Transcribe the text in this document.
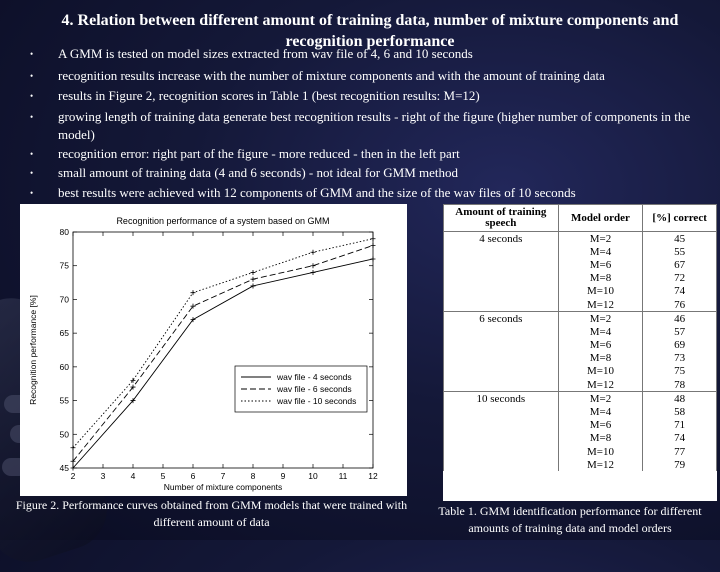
4. Relation between different amount of training data, number of mixture components and recognition performance
• A GMM is tested on model sizes extracted from wav file of 4, 6 and 10 seconds
• recognition results increase with the number of mixture components and with the amount of training data
• results in Figure 2, recognition scores in Table 1 (best recognition results: M=12)
• growing length of training data generate best recognition results - right of the figure (higher number of components in the model)
• recognition error: right part of the figure - more reduced - then in the left part
• small amount of training data (4 and 6 seconds) - not ideal for GMM method
• best results were achieved with 12 components of GMM and the size of the wav files of 10 seconds
Recognition performance of a system based on GMM
Number of mixture components
Recognition performance [%]
2	3	4	5	6	7	8	9	10 11 12
45
50
55
60
65
70
75
80
wav file - 4 seconds
wav file - 6 seconds
wav file - 10 seconds
Figure 2. Performance curves obtained from GMM models that were trained with different amount of data
Amount of training speech	Model order	[%] correct
4 seconds	M=2	45
	M=4	55
	M=6	67
	M=8	72
	M=10	74
	M=12	76
6 seconds	M=2	46
	M=4	57
	M=6	69
	M=8	73
	M=10	75
	M=12	78
10 seconds	M=2	48
	M=4	58
	M=6	71
	M=8	74
	M=10	77
	M=12	79
Table 1. GMM identification performance for different amounts of training data and model orders
